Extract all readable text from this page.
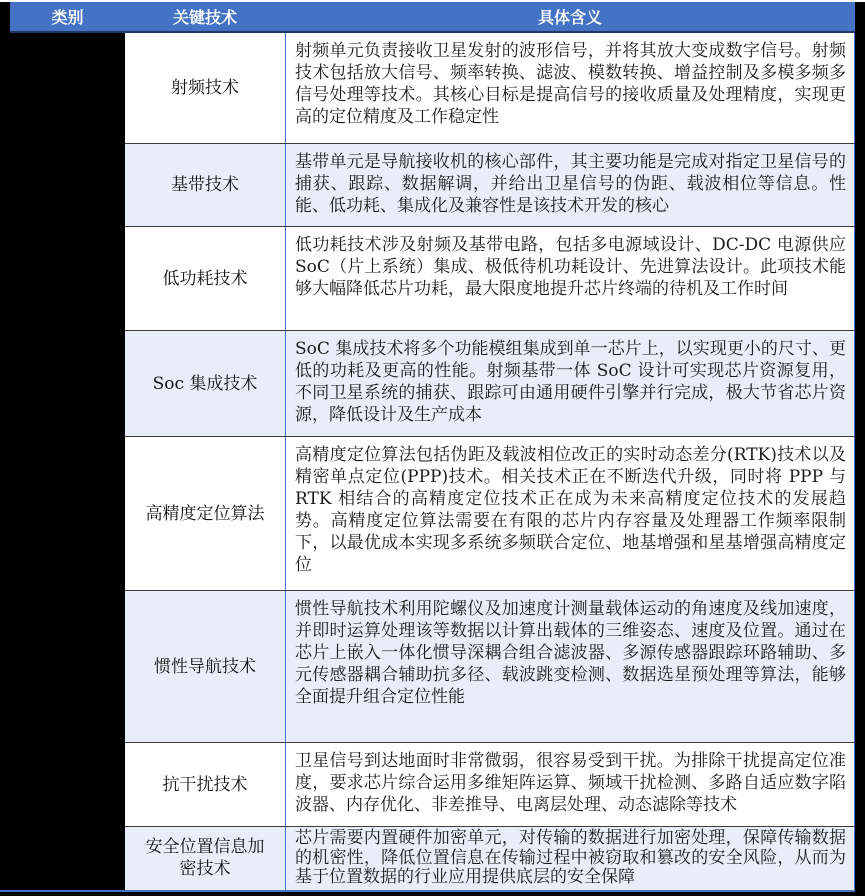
类别	关键技术	具体含义
射频技术
射频单元负责接收卫星发射的波形信号，并将其放大变成数字信号。射频技术包括放大信号、频率转换、滤波、模数转换、增益控制及多模多频多信号处理等技术。其核心目标是提高信号的接收质量及处理精度，实现更高的定位精度及工作稳定性
基带技术
基带单元是导航接收机的核心部件，其主要功能是完成对指定卫星信号的捕获、跟踪、数据解调，并给出卫星信号的伪距、载波相位等信息。性能、低功耗、集成化及兼容性是该技术开发的核心
低功耗技术
低功耗技术涉及射频及基带电路，包括多电源域设计、DC-DC 电源供应 SoC（片上系统）集成、极低待机功耗设计、先进算法设计。此项技术能够大幅降低芯片功耗，最大限度地提升芯片终端的待机及工作时间
Soc 集成技术
SoC 集成技术将多个功能模组集成到单一芯片上，以实现更小的尺寸、更低的功耗及更高的性能。射频基带一体 SoC 设计可实现芯片资源复用，不同卫星系统的捕获、跟踪可由通用硬件引擎并行完成，极大节省芯片资源，降低设计及生产成本
高精度定位算法
高精度定位算法包括伪距及载波相位改正的实时动态差分(RTK)技术以及精密单点定位(PPP)技术。相关技术正在不断迭代升级，同时将 PPP 与 RTK 相结合的高精度定位技术正在成为未来高精度定位技术的发展趋势。高精度定位算法需要在有限的芯片内存容量及处理器工作频率限制下，以最优成本实现多系统多频联合定位、地基增强和星基增强高精度定位
惯性导航技术
惯性导航技术利用陀螺仪及加速度计测量载体运动的角速度及线加速度，并即时运算处理该等数据以计算出载体的三维姿态、速度及位置。通过在芯片上嵌入一体化惯导深耦合组合滤波器、多源传感器跟踪环路辅助、多元传感器耦合辅助抗多径、载波跳变检测、数据选星预处理等算法，能够全面提升组合定位性能
抗干扰技术
卫星信号到达地面时非常微弱，很容易受到干扰。为排除干扰提高定位准度，要求芯片综合运用多维矩阵运算、频域干扰检测、多路自适应数字陷波器、内存优化、非差推导、电离层处理、动态滤除等技术
安全位置信息加密技术
芯片需要内置硬件加密单元，对传输的数据进行加密处理，保障传输数据的机密性，降低位置信息在传输过程中被窃取和篡改的安全风险，从而为基于位置数据的行业应用提供底层的安全保障
